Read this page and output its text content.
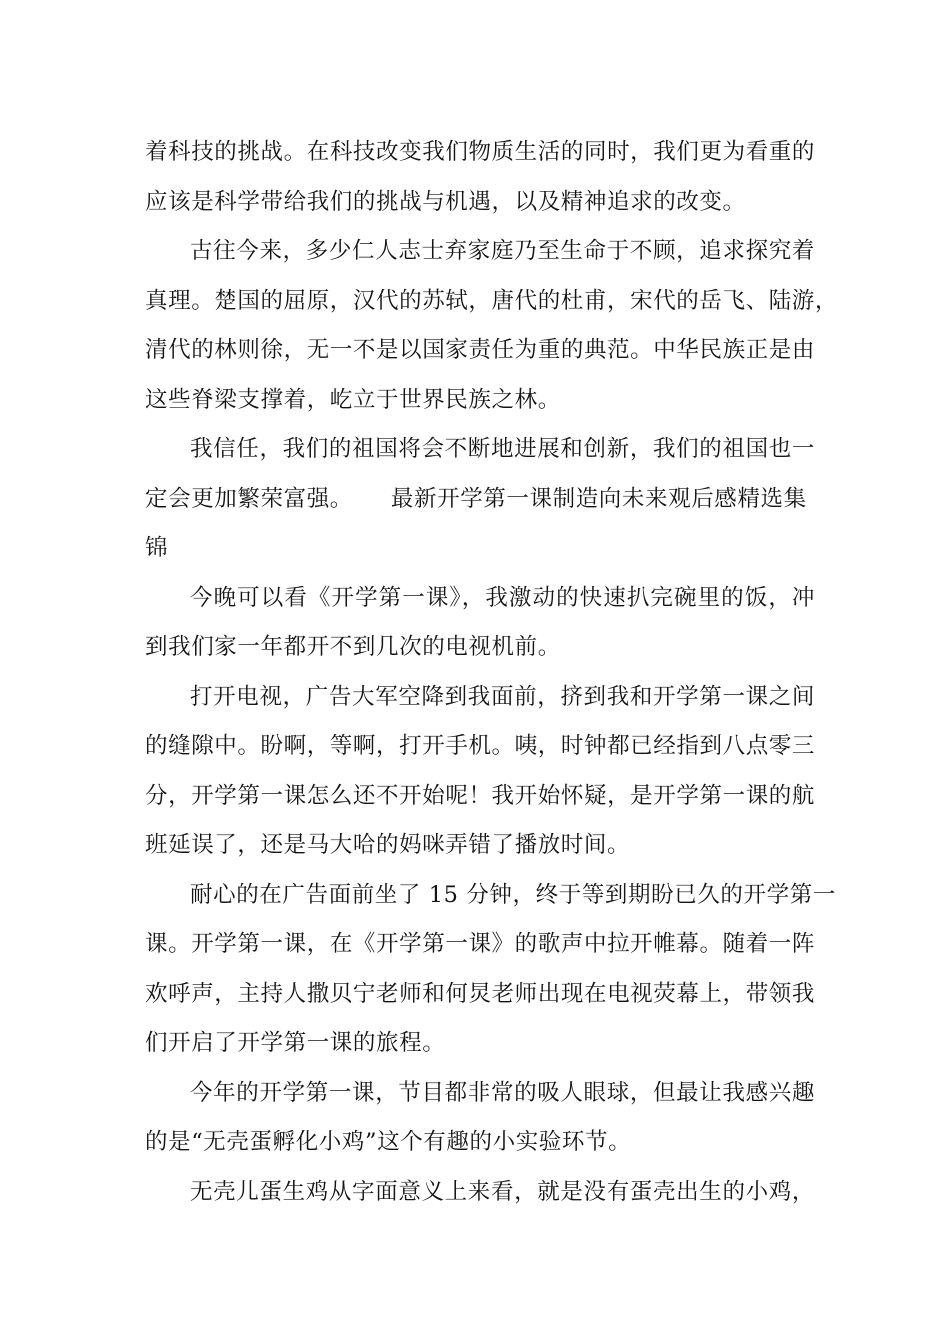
着科技的挑战。在科技改变我们物质生活的同时，我们更为看重的
应该是科学带给我们的挑战与机遇，以及精神追求的改变。
古往今来，多少仁人志士弃家庭乃至生命于不顾，追求探究着
真理。楚国的屈原，汉代的苏轼，唐代的杜甫，宋代的岳飞、陆游，
清代的林则徐，无一不是以国家责任为重的典范。中华民族正是由
这些脊梁支撑着，屹立于世界民族之林。
我信任，我们的祖国将会不断地进展和创新，我们的祖国也一
定会更加繁荣富强。 最新开学第一课制造向未来观后感精选集
锦
今晚可以看《开学第一课》，我激动的快速扒完碗里的饭，冲
到我们家一年都开不到几次的电视机前。
打开电视，广告大军空降到我面前，挤到我和开学第一课之间
的缝隙中。盼啊，等啊，打开手机。咦，时钟都已经指到八点零三
分，开学第一课怎么还不开始呢！我开始怀疑，是开学第一课的航
班延误了，还是马大哈的妈咪弄错了播放时间。
耐心的在广告面前坐了 15 分钟，终于等到期盼已久的开学第一
课。开学第一课，在《开学第一课》的歌声中拉开帷幕。随着一阵
欢呼声，主持人撒贝宁老师和何炅老师出现在电视荧幕上，带领我
们开启了开学第一课的旅程。
今年的开学第一课，节目都非常的吸人眼球，但最让我感兴趣
的是“无壳蛋孵化小鸡”这个有趣的小实验环节。
无壳儿蛋生鸡从字面意义上来看，就是没有蛋壳出生的小鸡，
